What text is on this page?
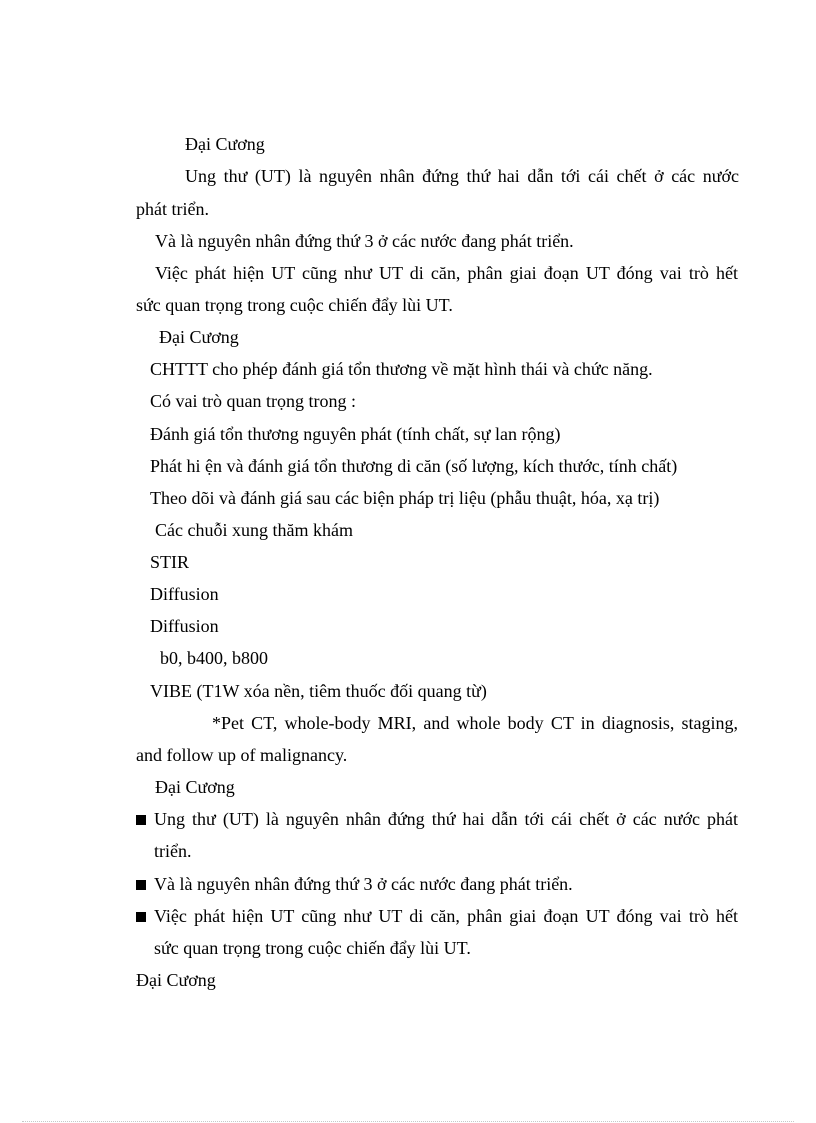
Đại Cương

Ung thư (UT) là nguyên nhân đứng thứ hai dẫn tới cái chết ở các nước

phát triển.

Và là nguyên nhân đứng thứ 3 ở các nước đang phát triển.

Việc phát hiện UT cũng như UT di căn, phân giai đoạn UT đóng vai trò hết

sức quan trọng trong cuộc chiến đẩy lùi UT.

Đại Cương

CHTTT cho phép đánh giá tổn thương về mặt hình thái và chức năng.

Có vai trò quan trọng trong :

Đánh giá tổn thương nguyên phát (tính chất, sự lan rộng)

Phát hi ện và đánh giá tổn thương di căn (số lượng, kích thước, tính chất)

Theo dõi và đánh giá sau các biện pháp trị liệu (phẫu thuật, hóa, xạ trị)

Các chuỗi xung thăm khám

STIR

Diffusion

Diffusion

b0, b400, b800

VIBE (T1W xóa nền, tiêm thuốc đối quang từ)

*Pet CT, whole-body MRI, and whole body CT in diagnosis, staging,

and follow up of malignancy.

Đại Cương

Ung thư (UT) là nguyên nhân đứng thứ hai dẫn tới cái chết ở các nước phát

triển.

Và là nguyên nhân đứng thứ 3 ở các nước đang phát triển.

Việc phát hiện UT cũng như UT di căn, phân giai đoạn UT đóng vai trò hết

sức quan trọng trong cuộc chiến đẩy lùi UT.

Đại Cương
